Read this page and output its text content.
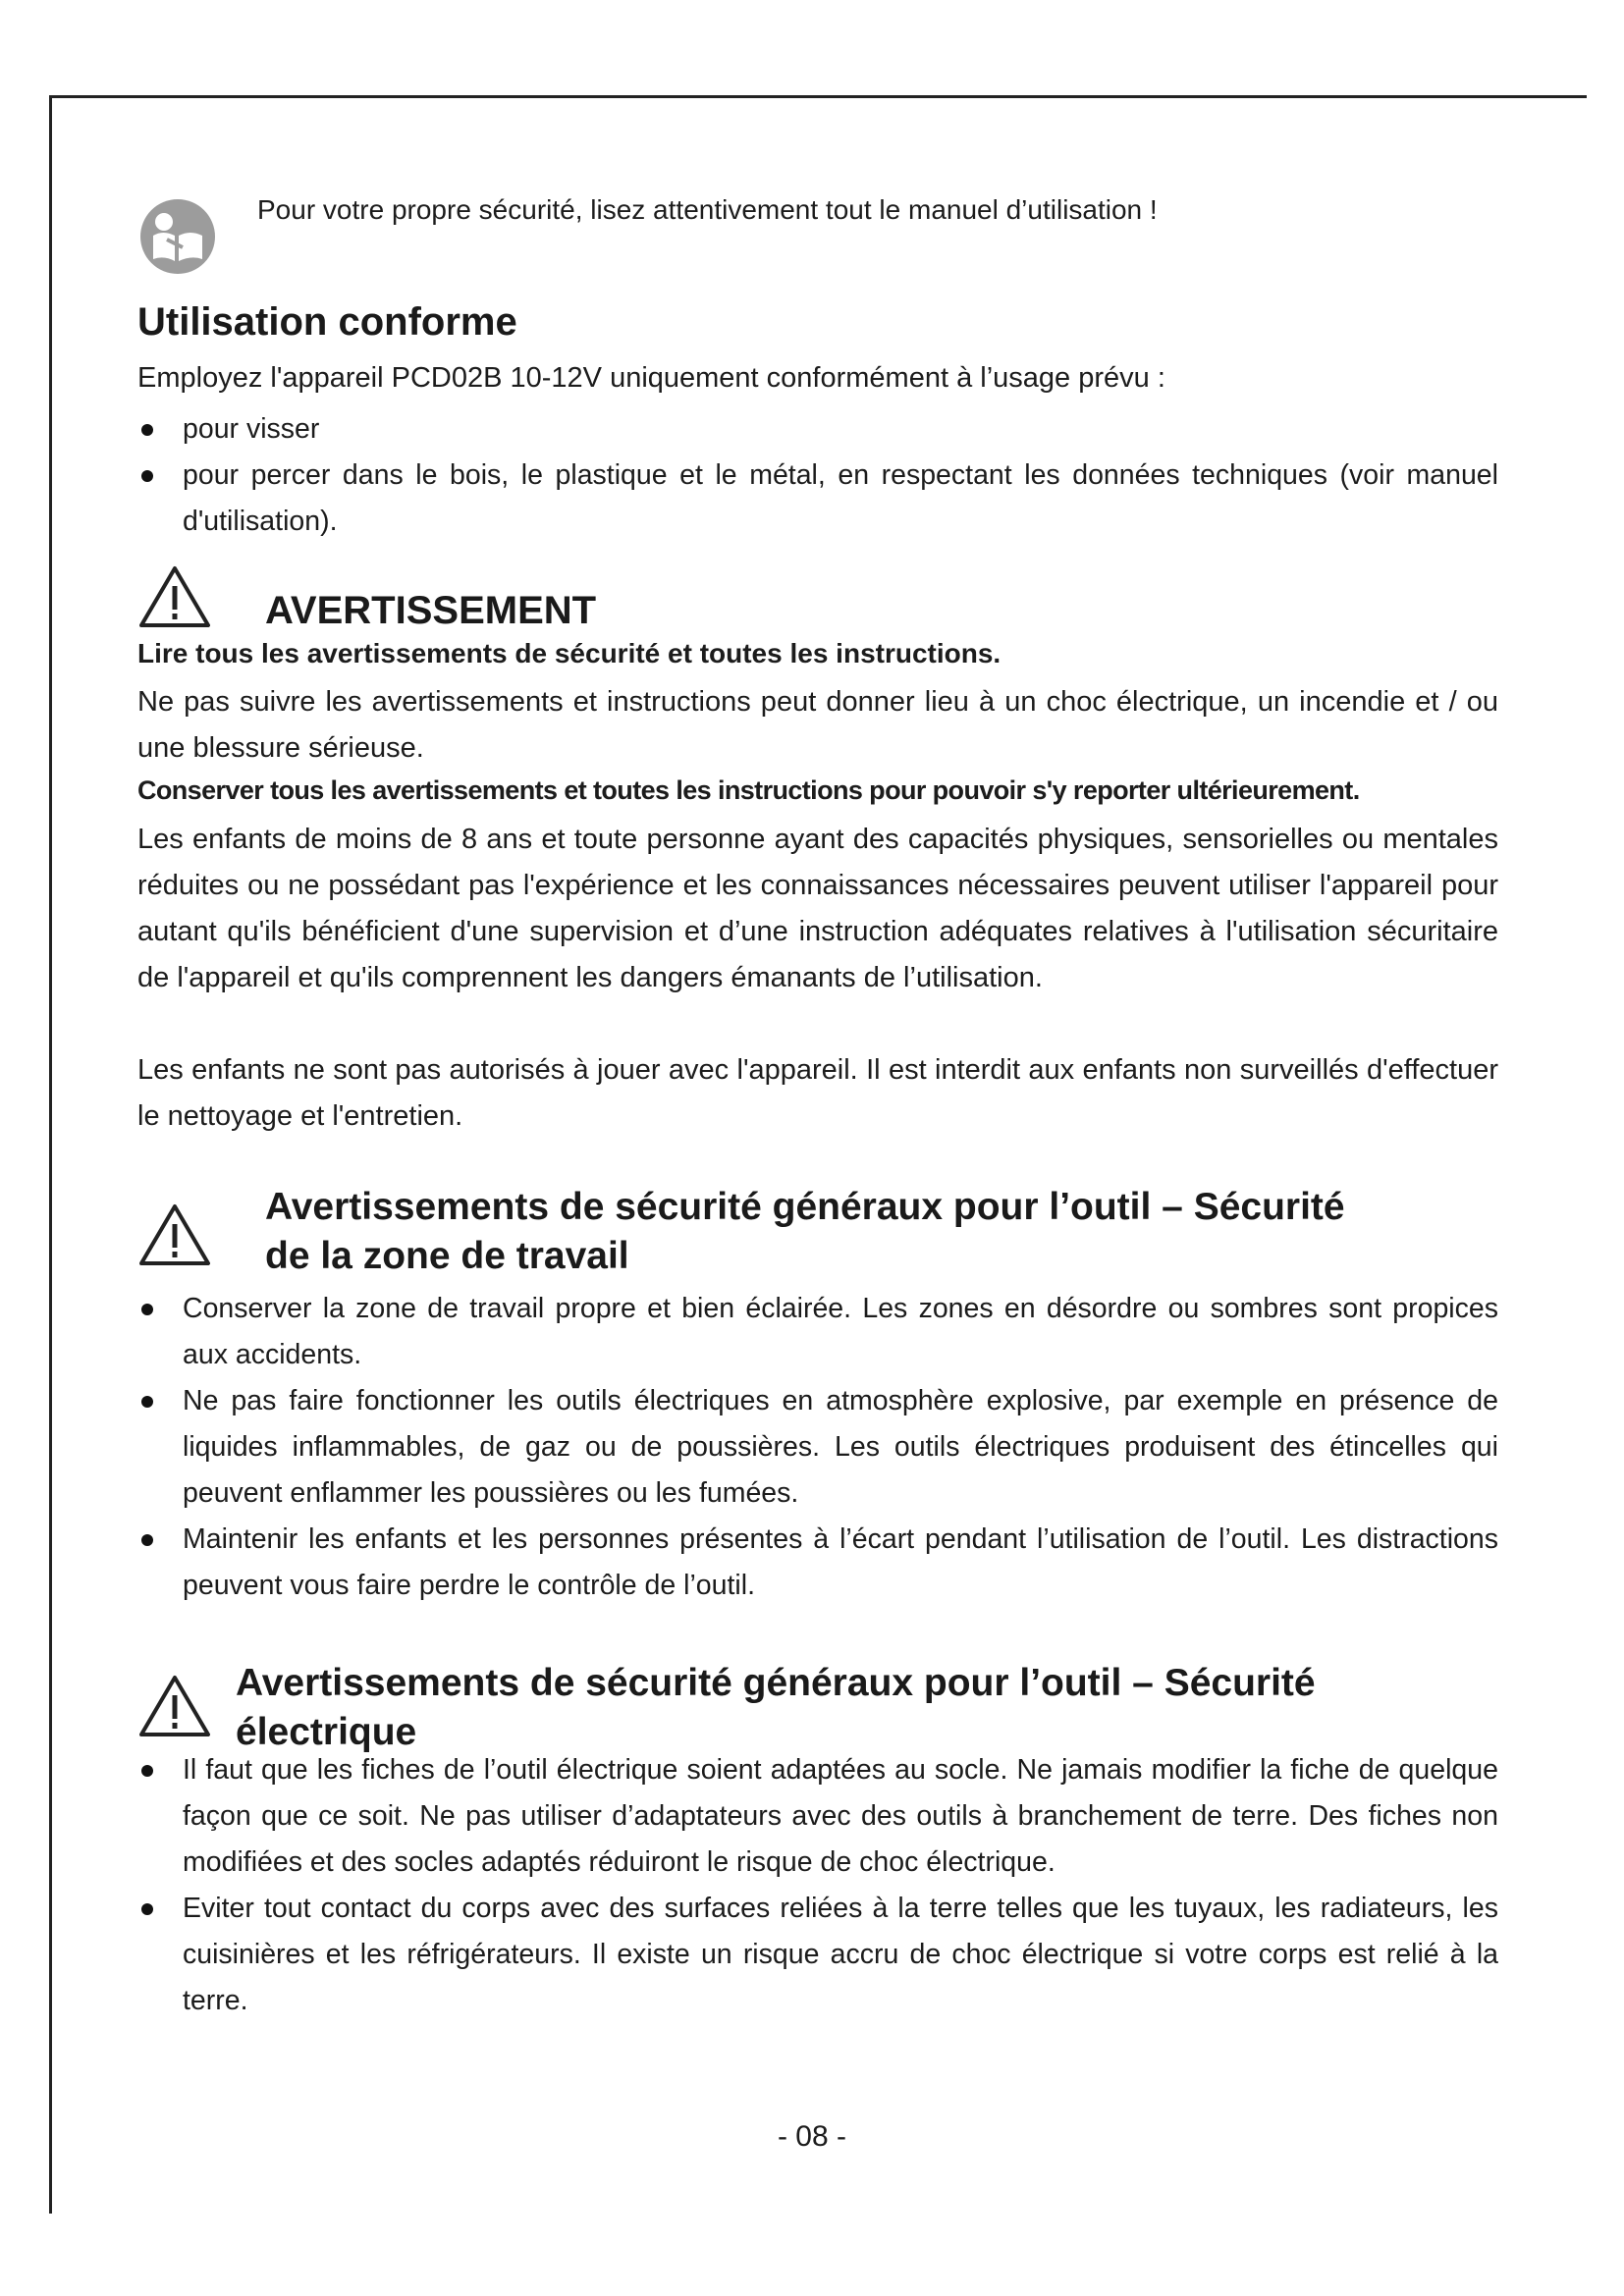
Pour votre propre sécurité, lisez attentivement tout le manuel d’utilisation !
Utilisation conforme
Employez l'appareil PCD02B 10-12V uniquement conformément à l’usage prévu :
pour visser
pour percer dans le bois, le plastique et le métal, en respectant les données techniques (voir manuel d'utilisation).
AVERTISSEMENT
Lire tous les avertissements de sécurité et toutes les instructions.
Ne pas suivre les avertissements et instructions peut donner lieu à un choc électrique, un incendie et / ou une blessure sérieuse.
Conserver tous les avertissements et toutes les instructions pour pouvoir s'y reporter ultérieurement.
Les enfants de moins de 8 ans et toute personne ayant des capacités physiques, sensorielles ou mentales réduites ou ne possédant pas l'expérience et les connaissances nécessaires peuvent utiliser l'appareil pour autant qu'ils bénéficient d'une supervision et d’une instruction adéquates relatives à l'utilisation sécuritaire de l'appareil et qu'ils comprennent les dangers émanants de l’utilisation.
Les enfants ne sont pas autorisés à jouer avec l'appareil. Il est interdit aux enfants non surveillés d'effectuer le nettoyage et l'entretien.
Avertissements de sécurité généraux pour l’outil – Sécurité
de la zone de travail
Conserver la zone de travail propre et bien éclairée. Les zones en désordre ou sombres sont propices aux accidents.
Ne pas faire fonctionner les outils électriques en atmosphère explosive, par exemple en présence de liquides inflammables, de gaz ou de poussières. Les outils électriques produisent des étincelles qui peuvent enflammer les poussières ou les fumées.
Maintenir les enfants et les personnes présentes à l’écart pendant l’utilisation de l’outil. Les distractions peuvent vous faire perdre le contrôle de l’outil.
Avertissements de sécurité généraux pour l’outil – Sécurité
électrique
Il faut que les fiches de l’outil électrique soient adaptées au socle. Ne jamais modifier la fiche de quelque façon que ce soit. Ne pas utiliser d’adaptateurs avec des outils à branchement de terre. Des fiches non modifiées et des socles adaptés réduiront le risque de choc électrique.
Eviter tout contact du corps avec des surfaces reliées à la terre telles que les tuyaux, les radiateurs, les cuisinières et les réfrigérateurs. Il existe un risque accru de choc électrique si votre corps est relié à la terre.
- 08 -
